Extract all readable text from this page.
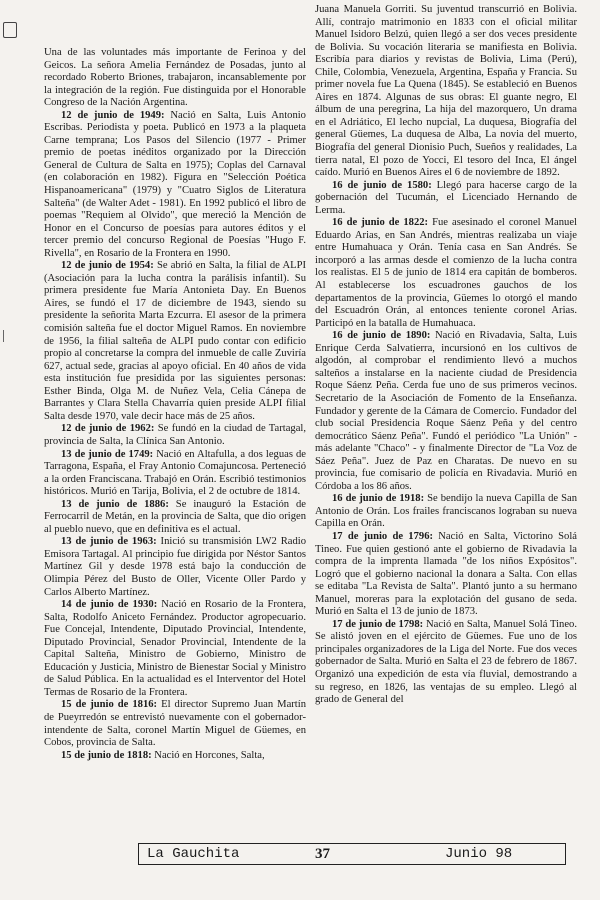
Una de las voluntades más importante de Ferinoa y del Geicos. La señora Amelia Fernández de Posadas, junto al recordado Roberto Briones, trabajaron, incansablemente por la integración de la región. Fue distinguida por el Honorable Congreso de la Nación Argentina.

12 de junio de 1949: Nació en Salta, Luis Antonio Escribas. Periodista y poeta. Publicó en 1973 a la plaqueta Carne temprana; Los Pasos del Silencio (1977 - Primer premio de poetas inéditos organizado por la Dirección General de Cultura de Salta en 1975); Coplas del Carnaval (en colaboración en 1982). Figura en "Selección Poética Hispanoamericana" (1979) y "Cuatro Siglos de Literatura Salteña" (de Walter Adet - 1981). En 1992 publicó el libro de poemas "Requiem al Olvido", que mereció la Mención de Honor en el Concurso de poesías para autores éditos y el tercer premio del concurso Regional de Poesías "Hugo F. Rivella", en Rosario de la Frontera en 1990.

12 de junio de 1954: Se abrió en Salta, la filial de ALPI (Asociación para la lucha contra la parálisis infantil). Su primera presidente fue María Antonieta Day. En Buenos Aires, se fundó el 17 de diciembre de 1943, siendo su presidente la señorita Marta Ezcurra. El asesor de la primera comisión salteña fue el doctor Miguel Ramos. En noviembre de 1956, la filial salteña de ALPI pudo contar con edificio propio al concretarse la compra del inmueble de calle Zuviría 627, actual sede, gracias al apoyo oficial. En 40 años de vida esta institución fue presidida por las siguientes personas: Esther Binda, Olga M. de Nuñez Vela, Celia Cánepa de Barrantes y Clara Stella Chavarría quien preside ALPI filial Salta desde 1970, vale decir hace más de 25 años.

12 de junio de 1962: Se fundó en la ciudad de Tartagal, provincia de Salta, la Clínica San Antonio.

13 de junio de 1749: Nació en Altafulla, a dos leguas de Tarragona, España, el Fray Antonio Comajuncosa. Perteneció a la orden Franciscana. Trabajó en Orán. Escribió testimonios históricos. Murió en Tarija, Bolivia, el 2 de octubre de 1814.

13 de junio de 1886: Se inauguró la Estación de Ferrocarril de Metán, en la provincia de Salta, que dio origen al pueblo nuevo, que en definitiva es el actual.

13 de junio de 1963: Inició su transmisión LW2 Radio Emisora Tartagal. Al principio fue dirigida por Néstor Santos Martínez Gil y desde 1978 está bajo la conducción de Olimpia Pérez del Busto de Oller, Vicente Oller Pardo y Carlos Alberto Martínez.

14 de junio de 1930: Nació en Rosario de la Frontera, Salta, Rodolfo Aniceto Fernández. Productor agropecuario. Fue Concejal, Intendente, Diputado Provincial, Intendente, Diputado Provincial, Senador Provincial, Intendente de la Capital Salteña, Ministro de Gobierno, Ministro de Educación y Justicia, Ministro de Bienestar Social y Ministro de Salud Pública. En la actualidad es el Interventor del Hotel Termas de Rosario de la Frontera.

15 de junio de 1816: El director Supremo Juan Martín de Pueyrredón se entrevistó nuevamente con el gobernador-intendente de Salta, coronel Martín Miguel de Güemes, en Cobos, provincia de Salta.

15 de junio de 1818: Nació en Horcones, Salta,

Juana Manuela Gorriti. Su juventud transcurrió en Bolivia. Allí, contrajo matrimonio en 1833 con el oficial militar Manuel Isidoro Belzú, quien llegó a ser dos veces presidente de Bolivia. Su vocación literaria se manifiesta en Bolivia. Escribía para diarios y revistas de Bolivia, Lima (Perú), Chile, Colombia, Venezuela, Argentina, España y Francia. Su primer novela fue La Quena (1845). Se estableció en Buenos Aires en 1874. Algunas de sus obras: El guante negro, El álbum de una peregrina, La hija del mazorquero, Un drama en el Adriático, El lecho nupcial, La duquesa, Biografía del general Güemes, La duquesa de Alba, La novia del muerto, Biografía del general Dionisio Puch, Sueños y realidades, La tierra natal, El pozo de Yocci, El tesoro del Inca, El ángel caído. Murió en Buenos Aires el 6 de noviembre de 1892.

16 de junio de 1580: Llegó para hacerse cargo de la gobernación del Tucumán, el Licenciado Hernando de Lerma.

16 de junio de 1822: Fue asesinado el coronel Manuel Eduardo Arias, en San Andrés, mientras realizaba un viaje entre Humahuaca y Orán. Tenía casa en San Andrés. Se incorporó a las armas desde el comienzo de la lucha contra los realistas. El 5 de junio de 1814 era capitán de bomberos. Al establecerse los escuadrones gauchos de los departamentos de la provincia, Güemes lo otorgó el mando del Escuadrón Orán, al entonces teniente coronel Arias. Participó en la batalla de Humahuaca.

16 de junio de 1890: Nació en Rivadavia, Salta, Luis Enrique Cerda Salvatierra, incursionó en los cultivos de algodón, al comprobar el rendimiento llevó a muchos salteños a instalarse en la naciente ciudad de Presidencia Roque Sáenz Peña. Cerda fue uno de sus primeros vecinos. Secretario de la Asociación de Fomento de la Enseñanza. Fundador y gerente de la Cámara de Comercio. Fundador del club social Presidencia Roque Sáenz Peña y del centro democrático Sáenz Peña". Fundó el periódico "La Unión" - más adelante "Chaco" - y finalmente Director de "La Voz de Sáez Peña". Juez de Paz en Charatas. De nuevo en su provincia, fue comisario de policía en Rivadavia. Murió en Córdoba a los 86 años.

16 de junio de 1918: Se bendijo la nueva Capilla de San Antonio de Orán. Los frailes franciscanos lograban su nueva Capilla en Orán.

17 de junio de 1796: Nació en Salta, Victorino Solá Tineo. Fue quien gestionó ante el gobierno de Rivadavia la compra de la imprenta llamada "de los niños Expósitos". Logró que el gobierno nacional la donara a Salta. Con ellas se editaba "La Revista de Salta". Plantó junto a su hermano Manuel, moreras para la explotación del gusano de seda. Murió en Salta el 13 de junio de 1873.

17 de junio de 1798: Nació en Salta, Manuel Solá Tineo. Se alistó joven en el ejército de Güemes. Fue uno de los principales organizadores de la Liga del Norte. Fue dos veces gobernador de Salta. Murió en Salta el 23 de febrero de 1867. Organizó una expedición de esta vía fluvial, demostrando a su regreso, en 1826, las ventajas de su empleo. Llegó al grado de General del

La Gauchita	37	Junio 98
